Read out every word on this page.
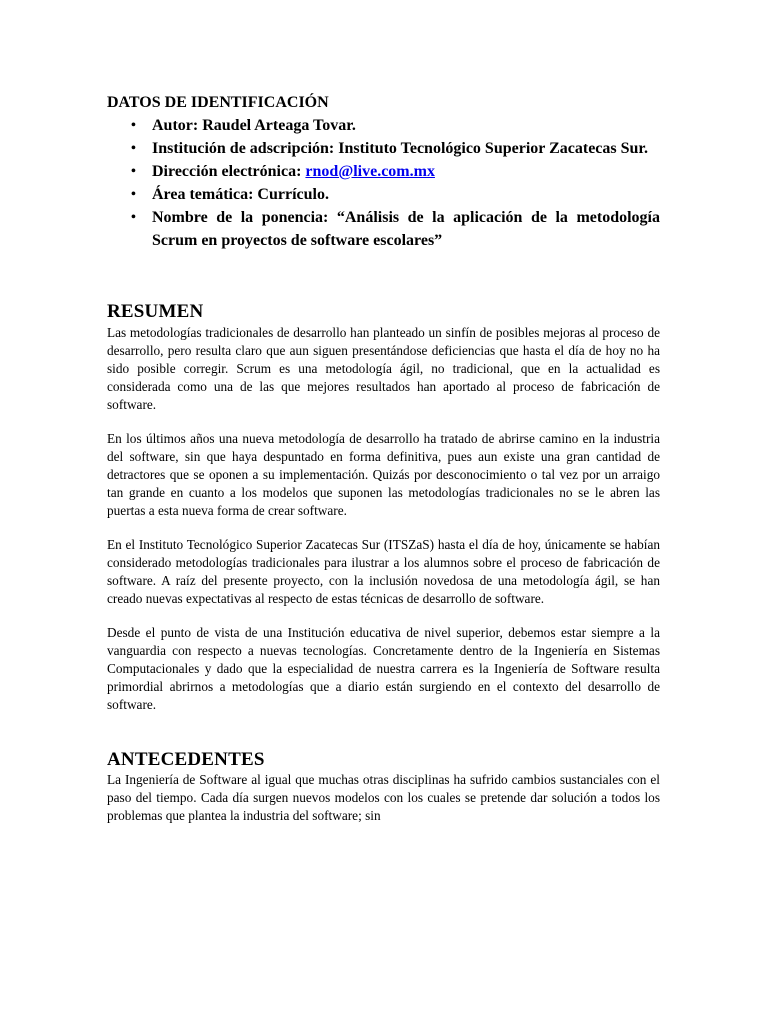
DATOS DE IDENTIFICACIÓN
• Autor: Raudel Arteaga Tovar.
• Institución de adscripción: Instituto Tecnológico Superior Zacatecas Sur.
• Dirección electrónica: rnod@live.com.mx
• Área temática: Currículo.
• Nombre de la ponencia: “Análisis de la aplicación de la metodología Scrum en proyectos de software escolares”
RESUMEN

Las metodologías tradicionales de desarrollo han planteado un sinfín de posibles mejoras al proceso de desarrollo, pero resulta claro que aun siguen presentándose deficiencias que hasta el día de hoy no ha sido posible corregir. Scrum es una metodología ágil, no tradicional, que en la actualidad es considerada como una de las que mejores resultados han aportado al proceso de fabricación de software.

En los últimos años una nueva metodología de desarrollo ha tratado de abrirse camino en la industria del software, sin que haya despuntado en forma definitiva, pues aun existe una gran cantidad de detractores que se oponen a su implementación. Quizás por desconocimiento o tal vez por un arraigo tan grande en cuanto a los modelos que suponen las metodologías tradicionales no se le abren las puertas a esta nueva forma de crear software.

En el Instituto Tecnológico Superior Zacatecas Sur (ITSZaS) hasta el día de hoy, únicamente se habían considerado metodologías tradicionales para ilustrar a los alumnos sobre el proceso de fabricación de software. A raíz del presente proyecto, con la inclusión novedosa de una metodología ágil, se han creado nuevas expectativas al respecto de estas técnicas de desarrollo de software.

Desde el punto de vista de una Institución educativa de nivel superior, debemos estar siempre a la vanguardia con respecto a nuevas tecnologías. Concretamente dentro de la Ingeniería en Sistemas Computacionales y dado que la especialidad de nuestra carrera es la Ingeniería de Software resulta primordial abrirnos a metodologías que a diario están surgiendo en el contexto del desarrollo de software.

ANTECEDENTES

La Ingeniería de Software al igual que muchas otras disciplinas ha sufrido cambios sustanciales con el paso del tiempo. Cada día surgen nuevos modelos con los cuales se pretende dar solución a todos los problemas que plantea la industria del software; sin
